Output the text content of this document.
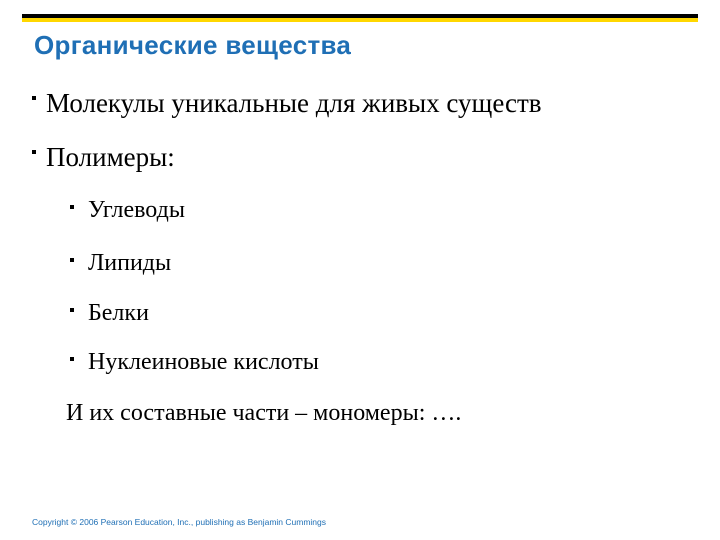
Органические вещества
Молекулы уникальные для живых существ
Полимеры:
Углеводы
Липиды
Белки
Нуклеиновые кислоты
И их составные части – мономеры: ….
Copyright © 2006 Pearson Education, Inc., publishing as Benjamin Cummings
